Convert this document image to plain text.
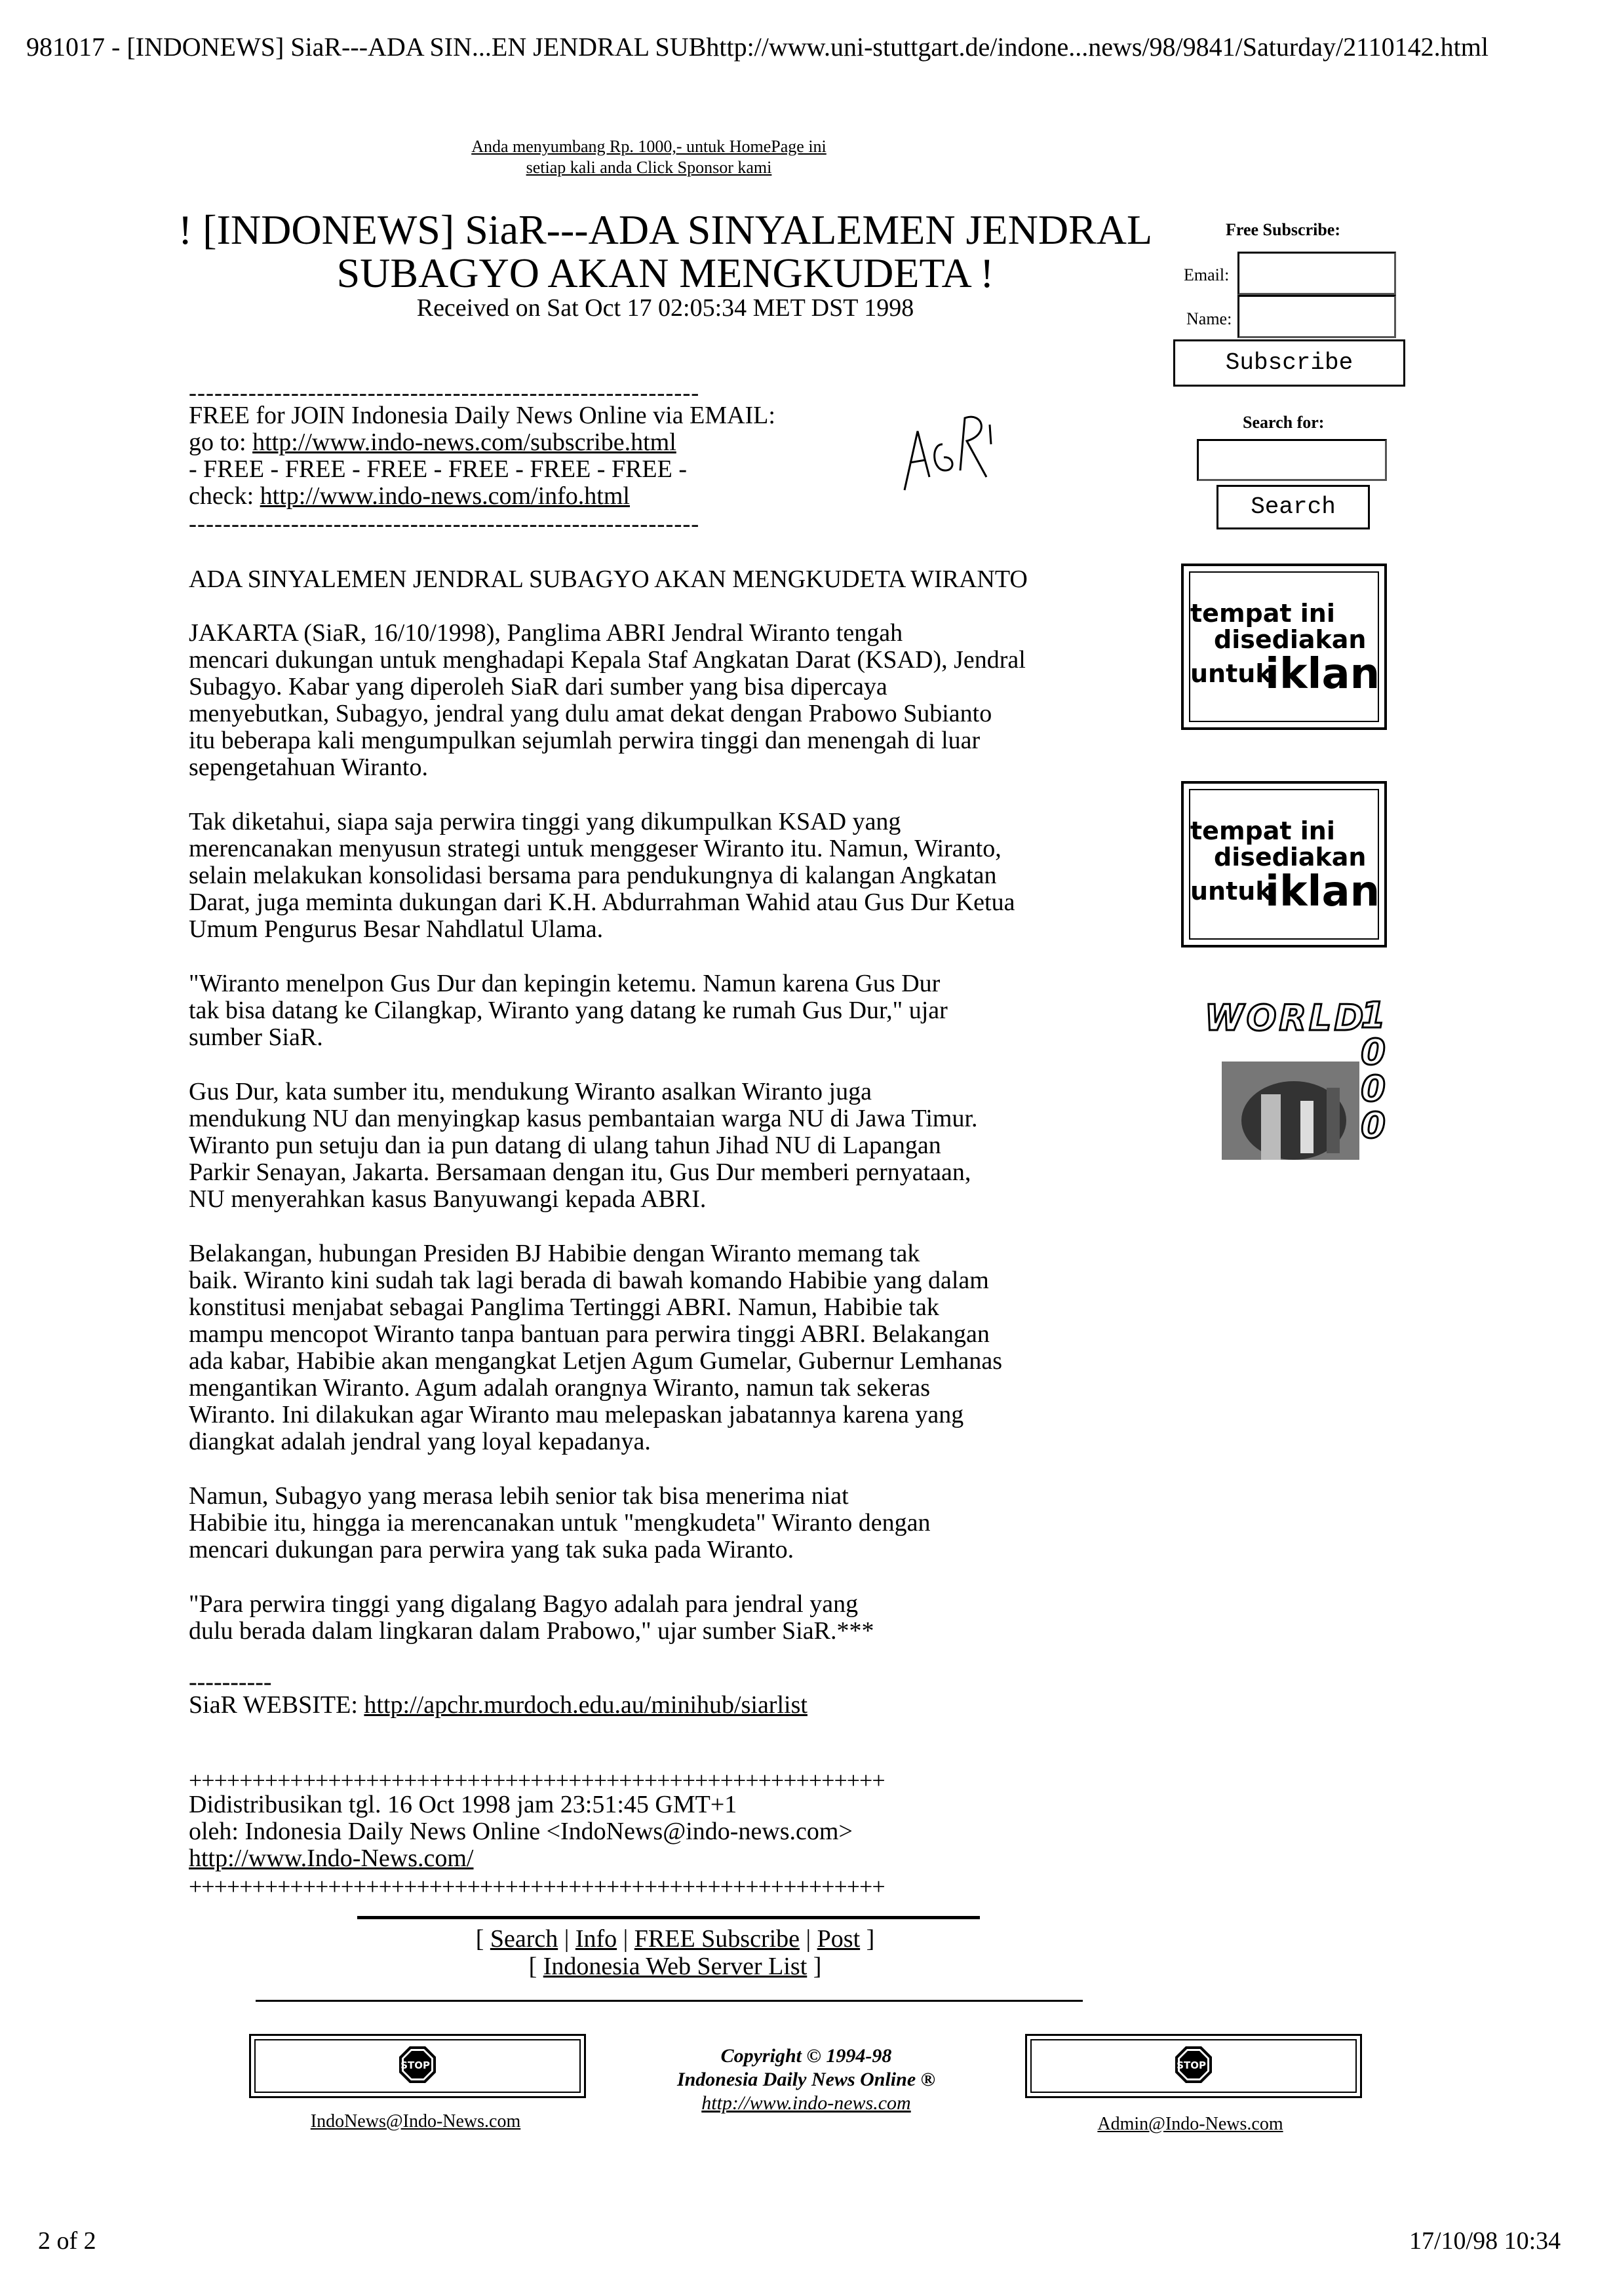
981017 - [INDONEWS] SiaR---ADA SIN...EN JENDRAL SUBhttp://www.uni-stuttgart.de/indone...news/98/9841/Saturday/2110142.html
2 of 2	17/10/98 10:34
Anda menyumbang Rp. 1000,- untuk HomePage ini
setiap kali anda Click Sponsor kami
! [INDONEWS] SiaR---ADA SINYALEMEN JENDRAL
SUBAGYO AKAN MENGKUDETA !
Received on Sat Oct 17 02:05:34 MET DST 1998
------------------------------------------------------------
FREE for JOIN Indonesia Daily News Online via EMAIL:
go to: http://www.indo-news.com/subscribe.html
- FREE - FREE - FREE - FREE - FREE - FREE -
check: http://www.indo-news.com/info.html
------------------------------------------------------------
ADA SINYALEMEN JENDRAL SUBAGYO AKAN MENGKUDETA WIRANTO

JAKARTA (SiaR, 16/10/1998), Panglima ABRI Jendral Wiranto tengah
mencari dukungan untuk menghadapi Kepala Staf Angkatan Darat (KSAD), Jendral
Subagyo. Kabar yang diperoleh SiaR dari sumber yang bisa dipercaya
menyebutkan, Subagyo, jendral yang dulu amat dekat dengan Prabowo Subianto
itu beberapa kali mengumpulkan sejumlah perwira tinggi dan menengah di luar
sepengetahuan Wiranto.

Tak diketahui, siapa saja perwira tinggi yang dikumpulkan KSAD yang
merencanakan menyusun strategi untuk menggeser Wiranto itu. Namun, Wiranto,
selain melakukan konsolidasi bersama para pendukungnya di kalangan Angkatan
Darat, juga meminta dukungan dari K.H. Abdurrahman Wahid atau Gus Dur Ketua
Umum Pengurus Besar Nahdlatul Ulama.

"Wiranto menelpon Gus Dur dan kepingin ketemu. Namun karena Gus Dur
tak bisa datang ke Cilangkap, Wiranto yang datang ke rumah Gus Dur," ujar
sumber SiaR.

Gus Dur, kata sumber itu, mendukung Wiranto asalkan Wiranto juga
mendukung NU dan menyingkap kasus pembantaian warga NU di Jawa Timur.
Wiranto pun setuju dan ia pun datang di ulang tahun Jihad NU di Lapangan
Parkir Senayan, Jakarta. Bersamaan dengan itu, Gus Dur memberi pernyataan,
NU menyerahkan kasus Banyuwangi kepada ABRI.

Belakangan, hubungan Presiden BJ Habibie dengan Wiranto memang tak
baik. Wiranto kini sudah tak lagi berada di bawah komando Habibie yang dalam
konstitusi menjabat sebagai Panglima Tertinggi ABRI. Namun, Habibie tak
mampu mencopot Wiranto tanpa bantuan para perwira tinggi ABRI. Belakangan
ada kabar, Habibie akan mengangkat Letjen Agum Gumelar, Gubernur Lemhanas
mengantikan Wiranto. Agum adalah orangnya Wiranto, namun tak sekeras
Wiranto. Ini dilakukan agar Wiranto mau melepaskan jabatannya karena yang
diangkat adalah jendral yang loyal kepadanya.

Namun, Subagyo yang merasa lebih senior tak bisa menerima niat
Habibie itu, hingga ia merencanakan untuk "mengkudeta" Wiranto dengan
mencari dukungan para perwira yang tak suka pada Wiranto.

"Para perwira tinggi yang digalang Bagyo adalah para jendral yang
dulu berada dalam lingkaran dalam Prabowo," ujar sumber SiaR.***

----------
SiaR WEBSITE: http://apchr.murdoch.edu.au/minihub/siarlist
+++++++++++++++++++++++++++++++++++++++++++++++++++++++
Didistribusikan tgl. 16 Oct 1998 jam 23:51:45 GMT+1
oleh: Indonesia Daily News Online <IndoNews@indo-news.com>
http://www.Indo-News.com/
+++++++++++++++++++++++++++++++++++++++++++++++++++++++
[ Search | Info | FREE Subscribe | Post ]
[ Indonesia Web Server List ]
Free Subscribe:
Email:
Name:
Subscribe
Search for:
Search
tempat ini
disediakan
untuk
iklan
tempat ini
disediakan
untuk
iklan
WORLD
1
0
0
0
STOP!
IndoNews@Indo-News.com
Copyright © 1994-98
Indonesia Daily News Online ®
http://www.indo-news.com
STOP!
Admin@Indo-News.com
